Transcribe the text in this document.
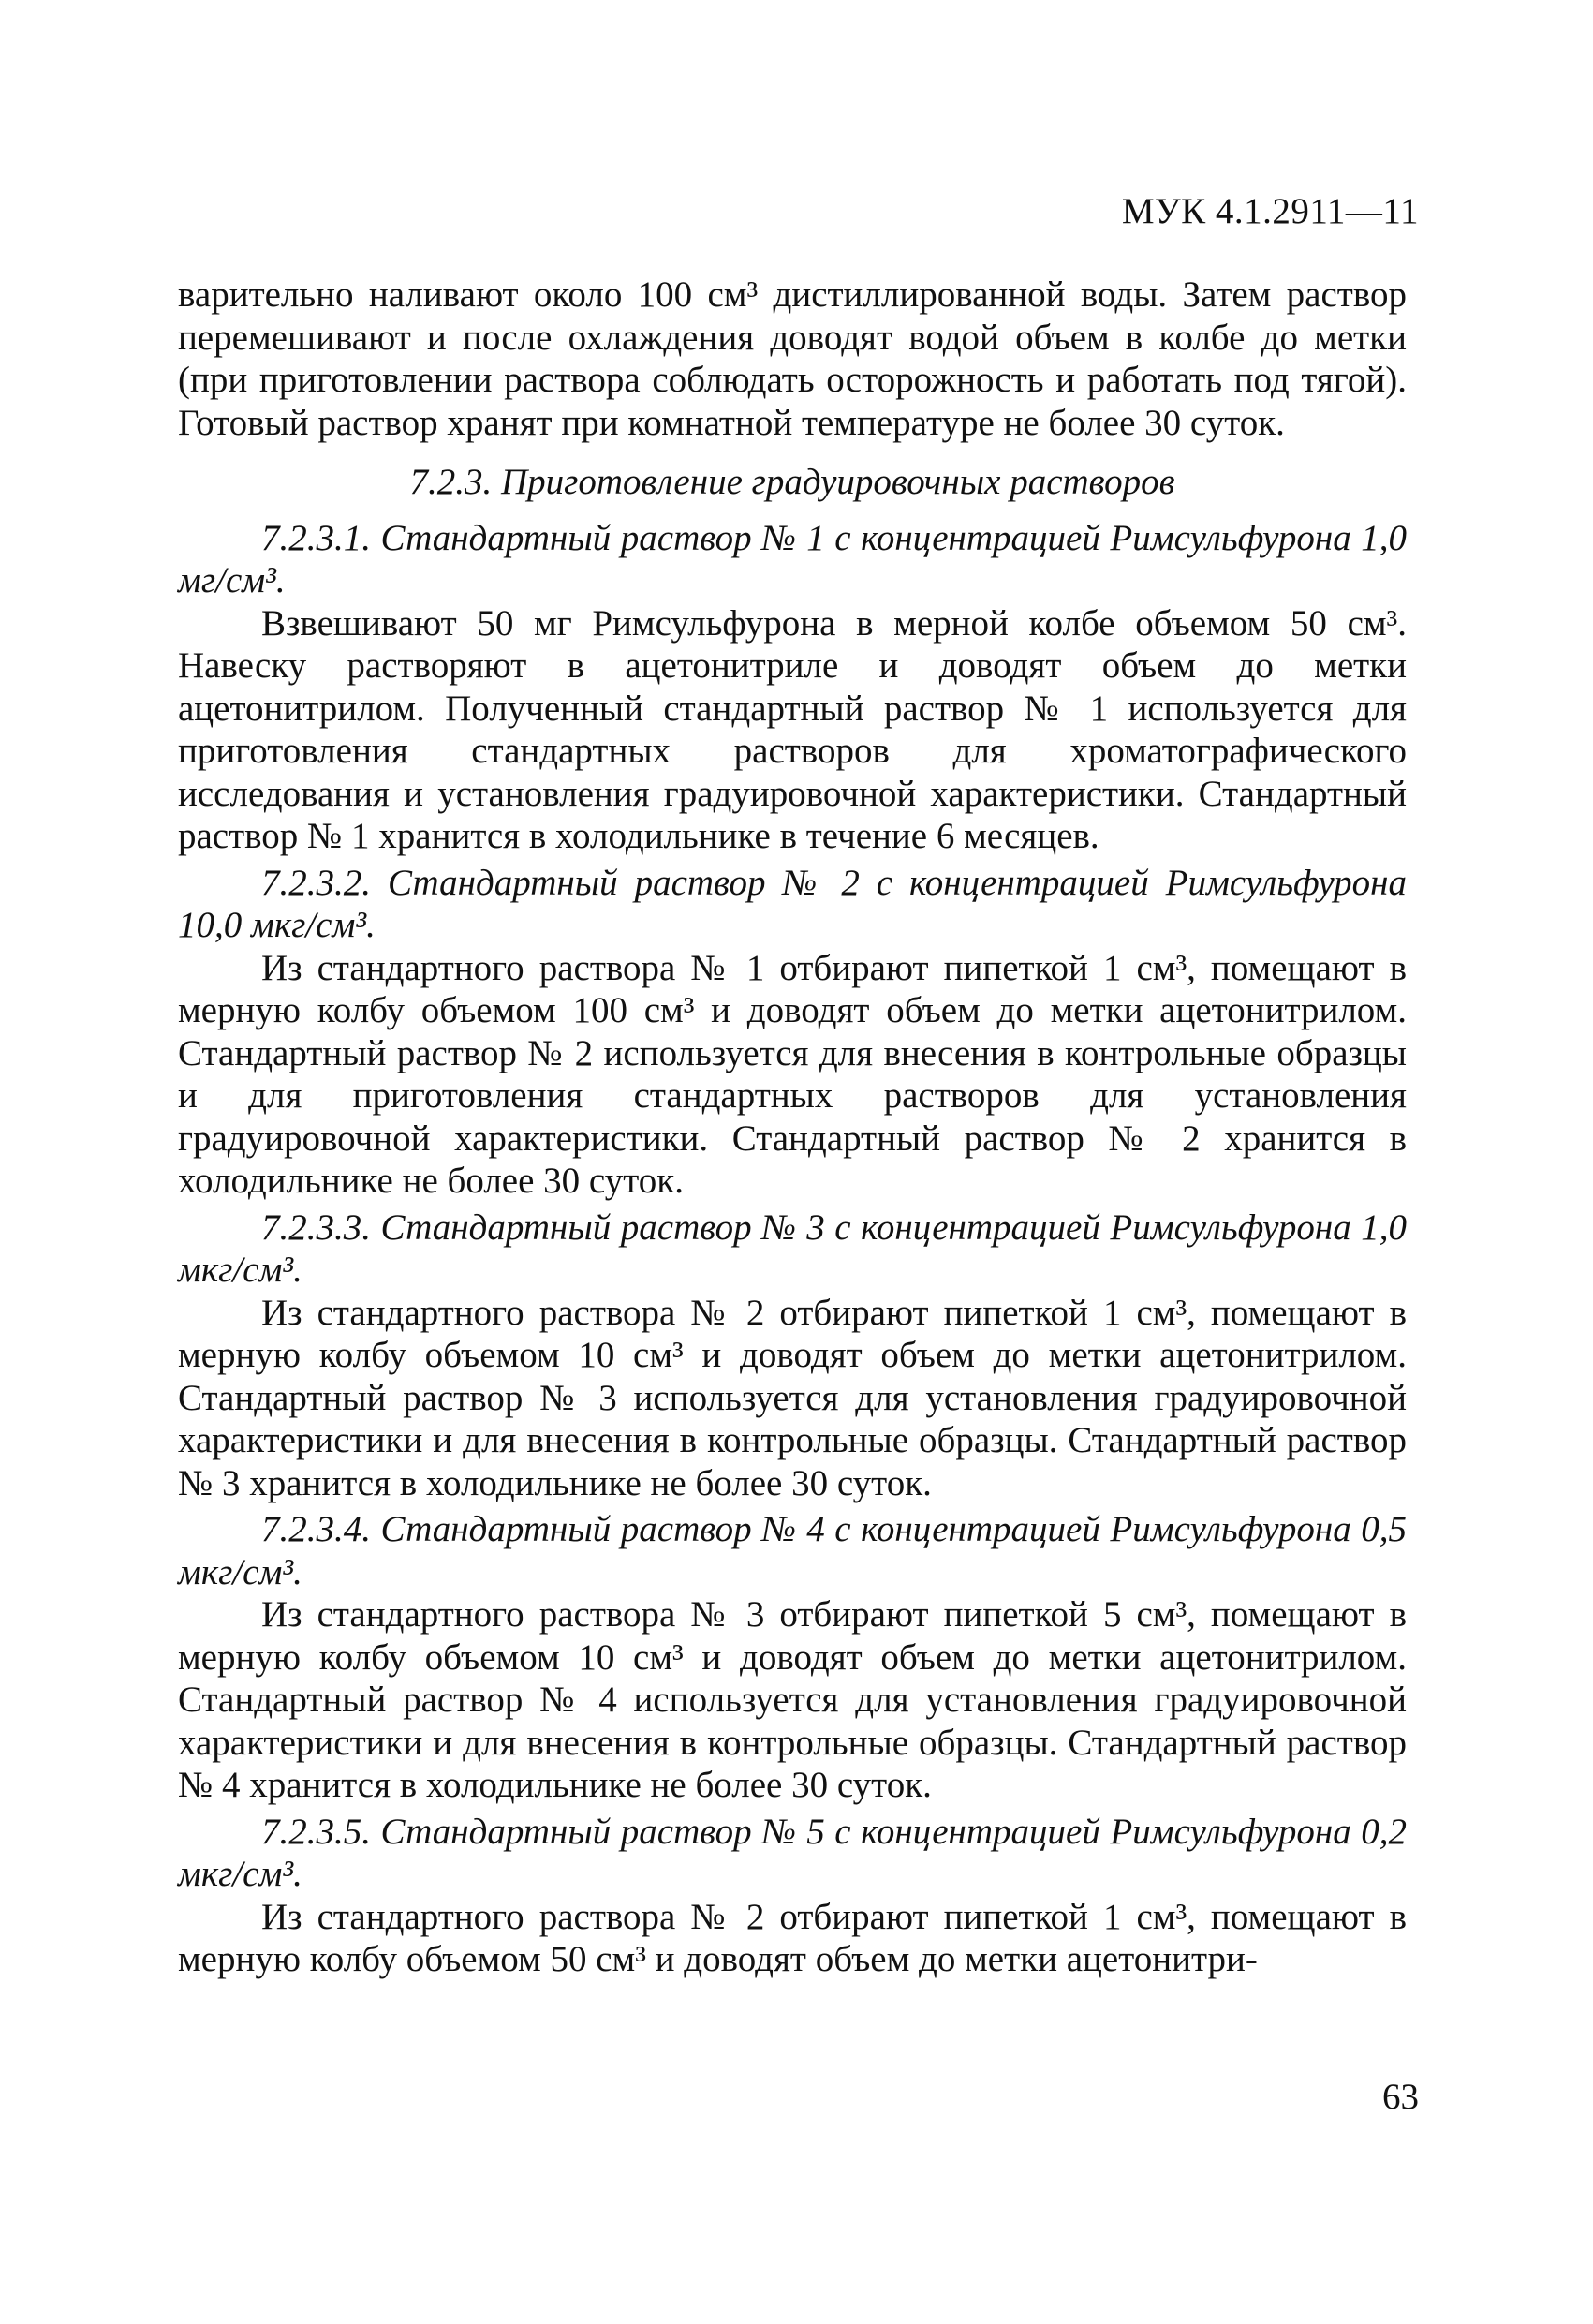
МУК 4.1.2911—11

варительно наливают около 100 см³ дистиллированной воды. Затем раствор перемешивают и после охлаждения доводят водой объем в колбе до метки (при приготовлении раствора соблюдать осторожность и работать под тягой). Готовый раствор хранят при комнатной температуре не более 30 суток.

7.2.3. Приготовление градуировочных растворов

7.2.3.1. Стандартный раствор № 1 с концентрацией Римсульфурона 1,0 мг/см³.

Взвешивают 50 мг Римсульфурона в мерной колбе объемом 50 см³. Навеску растворяют в ацетонитриле и доводят объем до метки ацетонитрилом. Полученный стандартный раствор № 1 используется для приготовления стандартных растворов для хроматографического исследования и установления градуировочной характеристики. Стандартный раствор № 1 хранится в холодильнике в течение 6 месяцев.

7.2.3.2. Стандартный раствор № 2 с концентрацией Римсульфурона 10,0 мкг/см³.

Из стандартного раствора № 1 отбирают пипеткой 1 см³, помещают в мерную колбу объемом 100 см³ и доводят объем до метки ацетонитрилом. Стандартный раствор № 2 используется для внесения в контрольные образцы и для приготовления стандартных растворов для установления градуировочной характеристики. Стандартный раствор № 2 хранится в холодильнике не более 30 суток.

7.2.3.3. Стандартный раствор № 3 с концентрацией Римсульфурона 1,0 мкг/см³.

Из стандартного раствора № 2 отбирают пипеткой 1 см³, помещают в мерную колбу объемом 10 см³ и доводят объем до метки ацетонитрилом. Стандартный раствор № 3 используется для установления градуировочной характеристики и для внесения в контрольные образцы. Стандартный раствор № 3 хранится в холодильнике не более 30 суток.

7.2.3.4. Стандартный раствор № 4 с концентрацией Римсульфурона 0,5 мкг/см³.

Из стандартного раствора № 3 отбирают пипеткой 5 см³, помещают в мерную колбу объемом 10 см³ и доводят объем до метки ацетонитрилом. Стандартный раствор № 4 используется для установления градуировочной характеристики и для внесения в контрольные образцы. Стандартный раствор № 4 хранится в холодильнике не более 30 суток.

7.2.3.5. Стандартный раствор № 5 с концентрацией Римсульфурона 0,2 мкг/см³.

Из стандартного раствора № 2 отбирают пипеткой 1 см³, помещают в мерную колбу объемом 50 см³ и доводят объем до метки ацетонитри-

63
